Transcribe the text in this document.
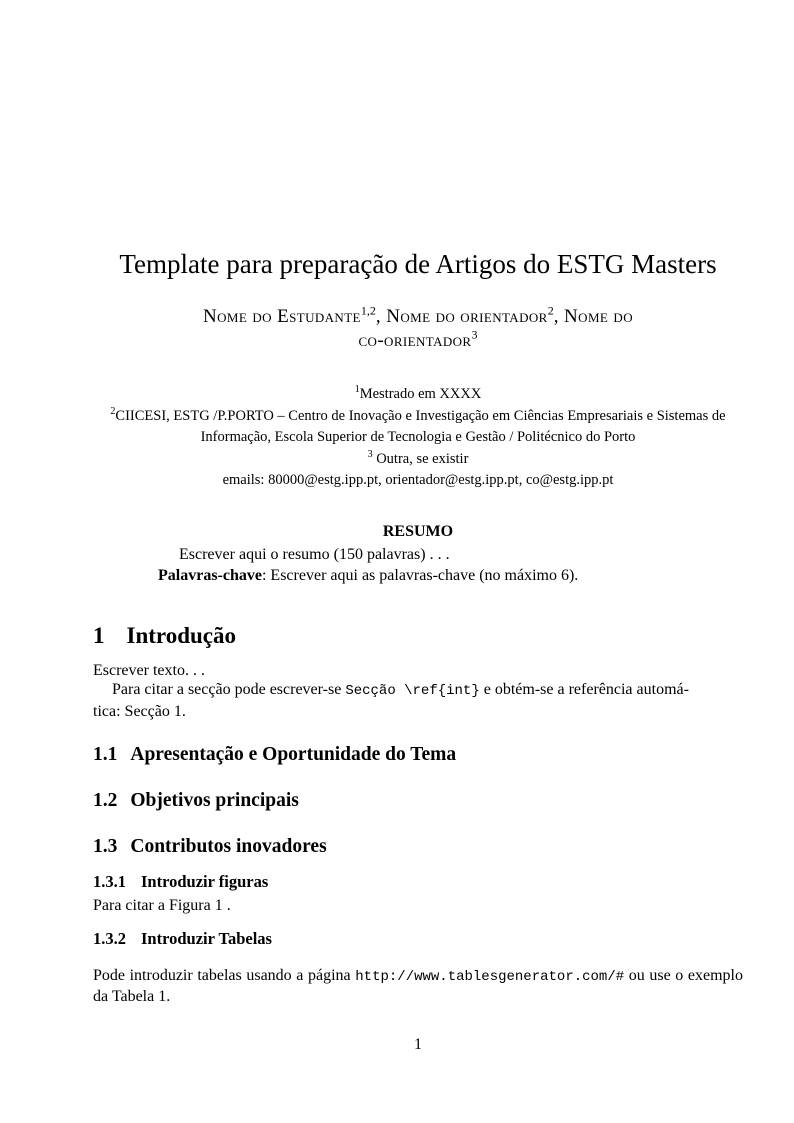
Template para preparação de Artigos do ESTG Masters
Nome do Estudante$^{1,2}$, Nome do orientador$^2$, Nome do
co-orientador$^3$
$^1$Mestrado em XXXX
$^2$CIICESI, ESTG /P.PORTO – Centro de Inovação e Investigação em Ciências Empresariais e Sistemas de
Informação, Escola Superior de Tecnologia e Gestão / Politécnico do Porto
$^3$ Outra, se existir
emails: 80000@estg.ipp.pt, orientador@estg.ipp.pt, co@estg.ipp.pt
RESUMO

Escrever aqui o resumo (150 palavras) . . .

Palavras-chave: Escrever aqui as palavras-chave (no máximo 6).

1 Introdução

Escrever texto. . .

Para citar a secção pode escrever-se Secção \ref{int} e obtém-se a referência automá-
tica: Secção 1.

1.1 Apresentação e Oportunidade do Tema
1.2 Objetivos principais
1.3 Contributos inovadores
1.3.1 Introduzir figuras

Para citar a Figura 1 .

1.3.2 Introduzir Tabelas

Pode introduzir tabelas usando a página http://www.tablesgenerator.com/# ou use o exemplo da Tabela 1.

1
